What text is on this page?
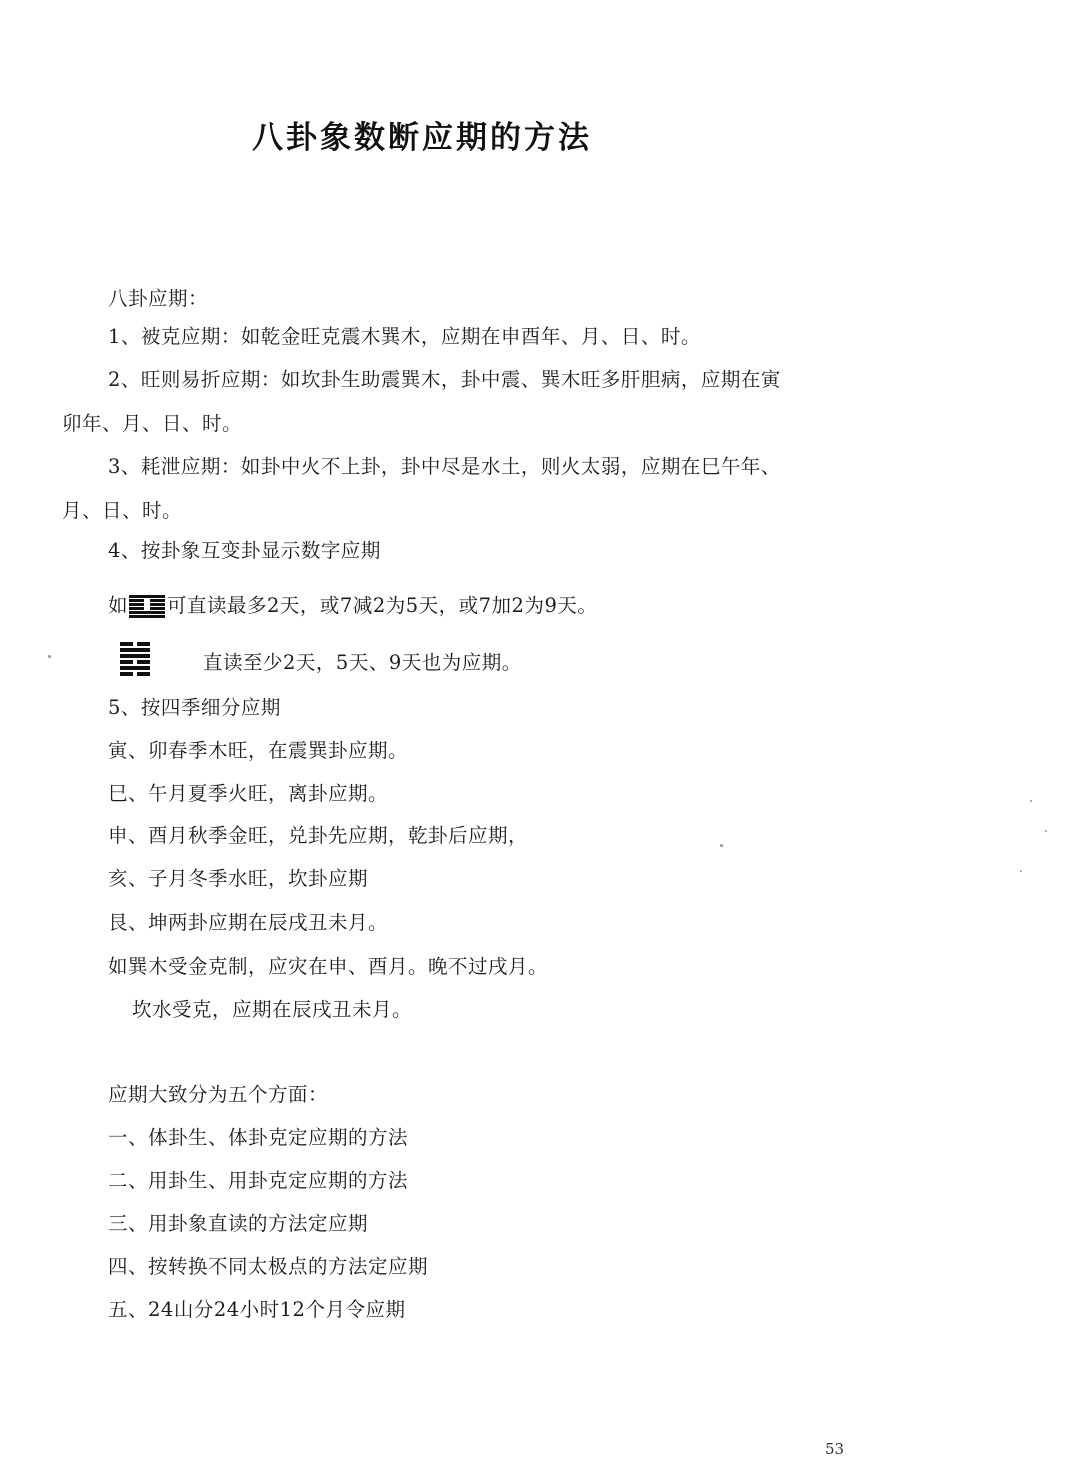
八卦象数断应期的方法
八卦应期：
1、被克应期：如乾金旺克震木巽木，应期在申酉年、月、日、时。
2、旺则易折应期：如坎卦生助震巽木，卦中震、巽木旺多肝胆病，应期在寅
卯年、月、日、时。
3、耗泄应期：如卦中火不上卦，卦中尽是水土，则火太弱，应期在巳午年、
月、日、时。
4、按卦象互变卦显示数字应期
如 可直读最多2天，或7减2为5天，或7加2为9天。
直读至少2天，5天、9天也为应期。
5、按四季细分应期
寅、卯春季木旺，在震巽卦应期。
巳、午月夏季火旺，离卦应期。
申、酉月秋季金旺，兑卦先应期，乾卦后应期，
亥、子月冬季水旺，坎卦应期
艮、坤两卦应期在辰戌丑未月。
如巽木受金克制，应灾在申、酉月。晚不过戌月。
坎水受克，应期在辰戌丑未月。
应期大致分为五个方面：
一、体卦生、体卦克定应期的方法
二、用卦生、用卦克定应期的方法
三、用卦象直读的方法定应期
四、按转换不同太极点的方法定应期
五、24山分24小时12个月令应期
53
